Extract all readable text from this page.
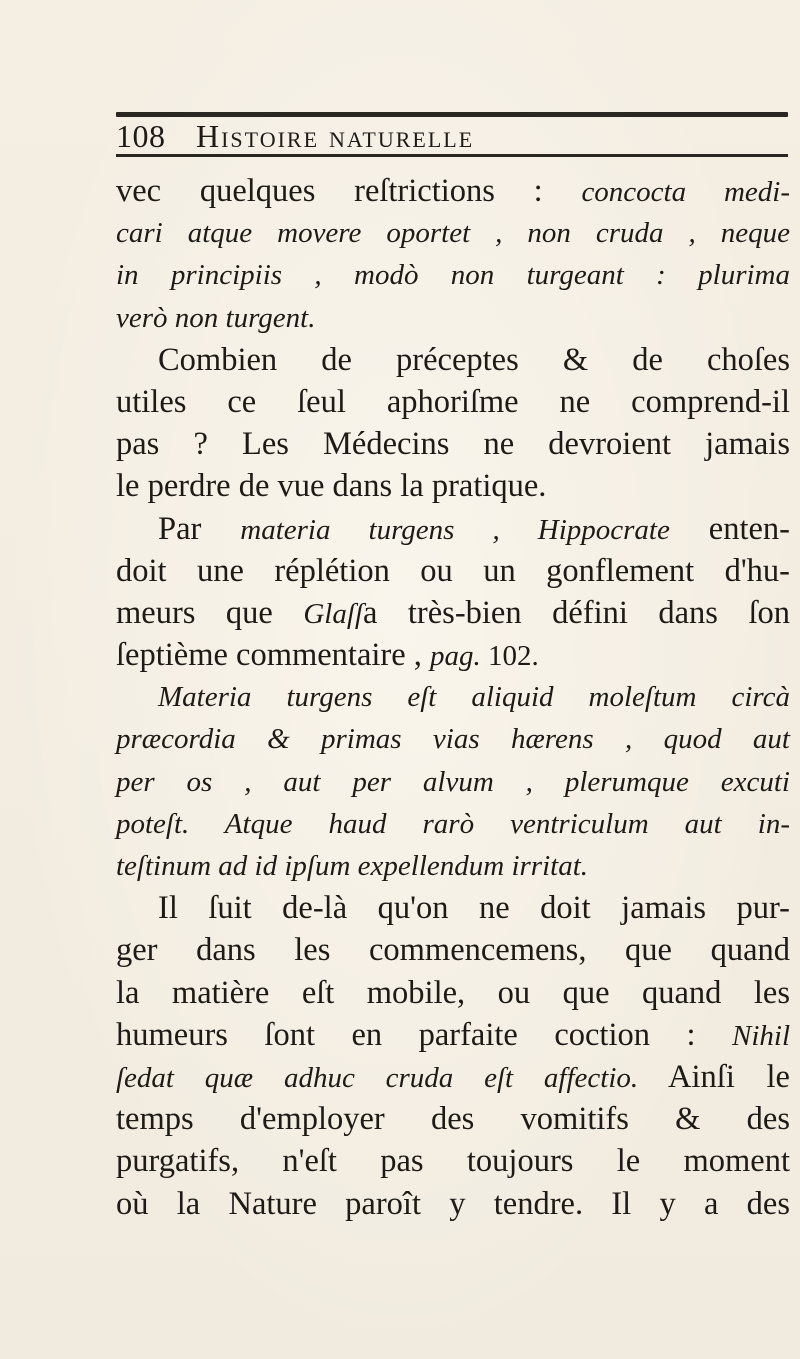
108 Histoire naturelle
vec quelques reſtrictions : concocta medi-
cari atque movere oportet , non cruda , neque
in principiis , modò non turgeant : plurima
verò non turgent.
Combien de préceptes & de choſes
utiles ce ſeul aphoriſme ne comprend-il
pas ? Les Médecins ne devroient jamais
le perdre de vue dans la pratique.
Par materia turgens , Hippocrate enten-
doit une réplétion ou un gonflement d'hu-
meurs que Glaſſa très-bien défini dans ſon
ſeptième commentaire , pag. 102.
Materia turgens eſt aliquid moleſtum circà
præcordia & primas vias hærens , quod aut
per os , aut per alvum , plerumque excuti
poteſt. Atque haud rarò ventriculum aut in-
teſtinum ad id ipſum expellendum irritat.
Il ſuit de-là qu'on ne doit jamais pur-
ger dans les commencemens, que quand
la matière eſt mobile, ou que quand les
humeurs ſont en parfaite coction : Nihil
ſedat quæ adhuc cruda eſt affectio. Ainſi le
temps d'employer des vomitifs & des
purgatifs, n'eſt pas toujours le moment
où la Nature paroît y tendre. Il y a des
